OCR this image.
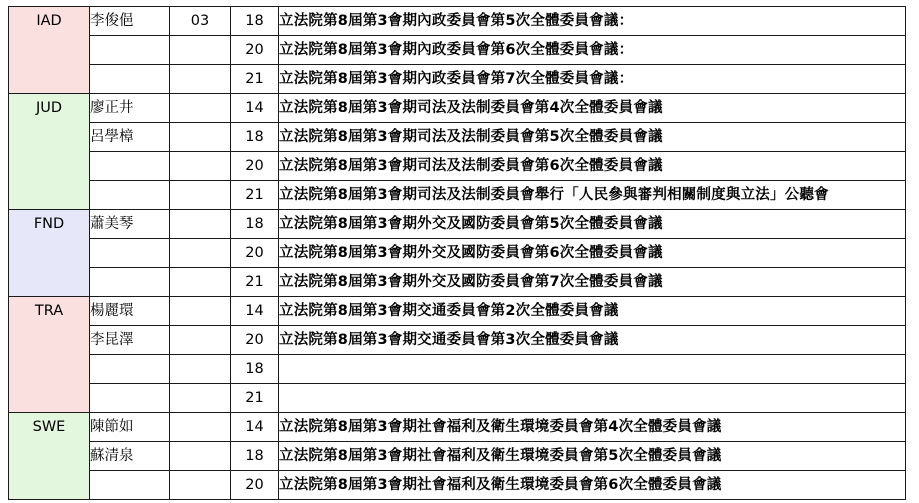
IAD	李俊俋	03	18	立法院第8屆第3會期內政委員會第5次全體委員會議：
			20	立法院第8屆第3會期內政委員會第6次全體委員會議：
			21	立法院第8屆第3會期內政委員會第7次全體委員會議：
JUD	廖正井		14	立法院第8屆第3會期司法及法制委員會第4次全體委員會議
	呂學樟		18	立法院第8屆第3會期司法及法制委員會第5次全體委員會議
			20	立法院第8屆第3會期司法及法制委員會第6次全體委員會議
			21	立法院第8屆第3會期司法及法制委員會舉行「人民參與審判相關制度與立法」公聽會
FND	蕭美琴		18	立法院第8屆第3會期外交及國防委員會第5次全體委員會議
			20	立法院第8屆第3會期外交及國防委員會第6次全體委員會議
			21	立法院第8屆第3會期外交及國防委員會第7次全體委員會議
TRA	楊麗環		14	立法院第8屆第3會期交通委員會第2次全體委員會議
	李昆澤		20	立法院第8屆第3會期交通委員會第3次全體委員會議
			18	
			21	
SWE	陳節如		14	立法院第8屆第3會期社會福利及衛生環境委員會第4次全體委員會議
	蘇清泉		18	立法院第8屆第3會期社會福利及衛生環境委員會第5次全體委員會議
			20	立法院第8屆第3會期社會福利及衛生環境委員會第6次全體委員會議
